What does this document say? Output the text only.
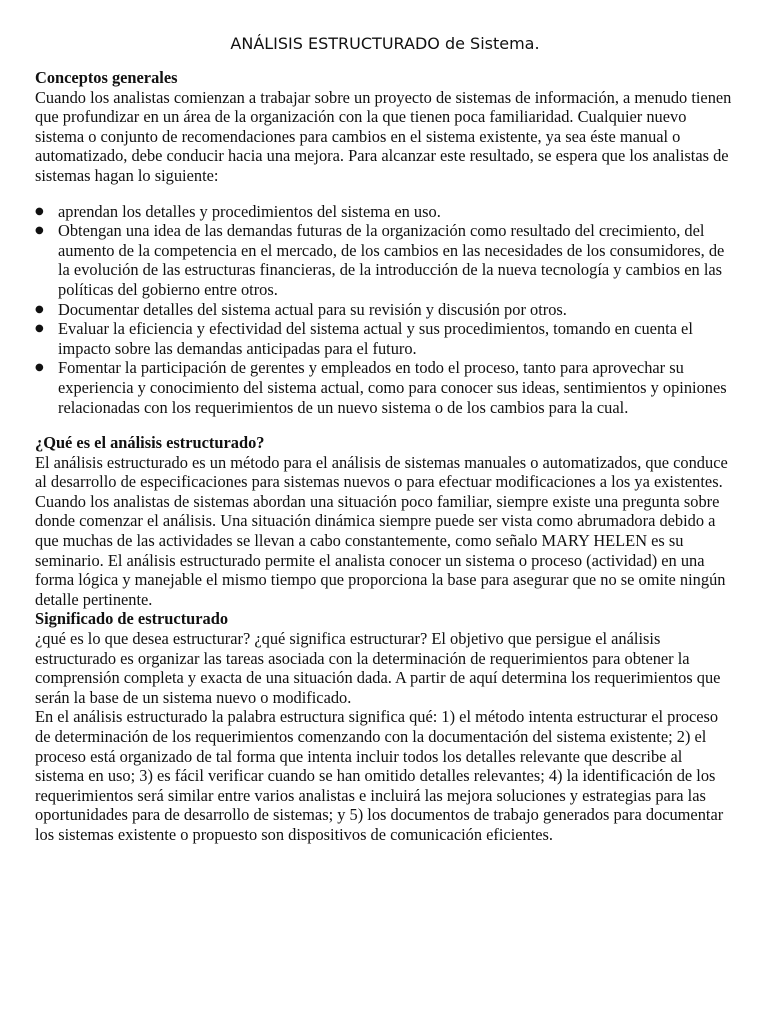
ANÁLISIS ESTRUCTURADO de Sistema.
Conceptos generales

Cuando los analistas comienzan a trabajar sobre un proyecto de sistemas de información, a menudo tienen que profundizar en un área de la organización con la que tienen poca familiaridad. Cualquier nuevo sistema o conjunto de recomendaciones para cambios en el sistema existente, ya sea éste manual o automatizado, debe conducir hacia una mejora. Para alcanzar este resultado, se espera que los analistas de sistemas hagan lo siguiente:

● aprendan los detalles y procedimientos del sistema en uso.
● Obtengan una idea de las demandas futuras de la organización como resultado del crecimiento, del aumento de la competencia en el mercado, de los cambios en las necesidades de los consumidores, de la evolución de las estructuras financieras, de la introducción de la nueva tecnología y cambios en las políticas del gobierno entre otros.
● Documentar detalles del sistema actual para su revisión y discusión por otros.
● Evaluar la eficiencia y efectividad del sistema actual y sus procedimientos, tomando en cuenta el impacto sobre las demandas anticipadas para el futuro.
● Fomentar la participación de gerentes y empleados en todo el proceso, tanto para aprovechar su experiencia y conocimiento del sistema actual, como para conocer sus ideas, sentimientos y opiniones relacionadas con los requerimientos de un nuevo sistema o de los cambios para la cual.
¿Qué es el análisis estructurado?

El análisis estructurado es un método para el análisis de sistemas manuales o automatizados, que conduce al desarrollo de especificaciones para sistemas nuevos o para efectuar modificaciones a los ya existentes. Cuando los analistas de sistemas abordan una situación poco familiar, siempre existe una pregunta sobre donde comenzar el análisis. Una situación dinámica siempre puede ser vista como abrumadora debido a que muchas de las actividades se llevan a cabo constantemente, como señalo MARY HELEN es su seminario. El análisis estructurado permite el analista conocer un sistema o proceso (actividad) en una forma lógica y manejable el mismo tiempo que proporciona la base para asegurar que no se omite ningún detalle pertinente.

Significado de estructurado

¿qué es lo que desea estructurar? ¿qué significa estructurar? El objetivo que persigue el análisis estructurado es organizar las tareas asociada con la determinación de requerimientos para obtener la comprensión completa y exacta de una situación dada. A partir de aquí determina los requerimientos que serán la base de un sistema nuevo o modificado.

En el análisis estructurado la palabra estructura significa qué: 1) el método intenta estructurar el proceso de determinación de los requerimientos comenzando con la documentación del sistema existente; 2) el proceso está organizado de tal forma que intenta incluir todos los detalles relevante que describe al sistema en uso; 3) es fácil verificar cuando se han omitido detalles relevantes; 4) la identificación de los requerimientos será similar entre varios analistas e incluirá las mejora soluciones y estrategias para las oportunidades para de desarrollo de sistemas; y 5) los documentos de trabajo generados para documentar los sistemas existente o propuesto son dispositivos de comunicación eficientes.
